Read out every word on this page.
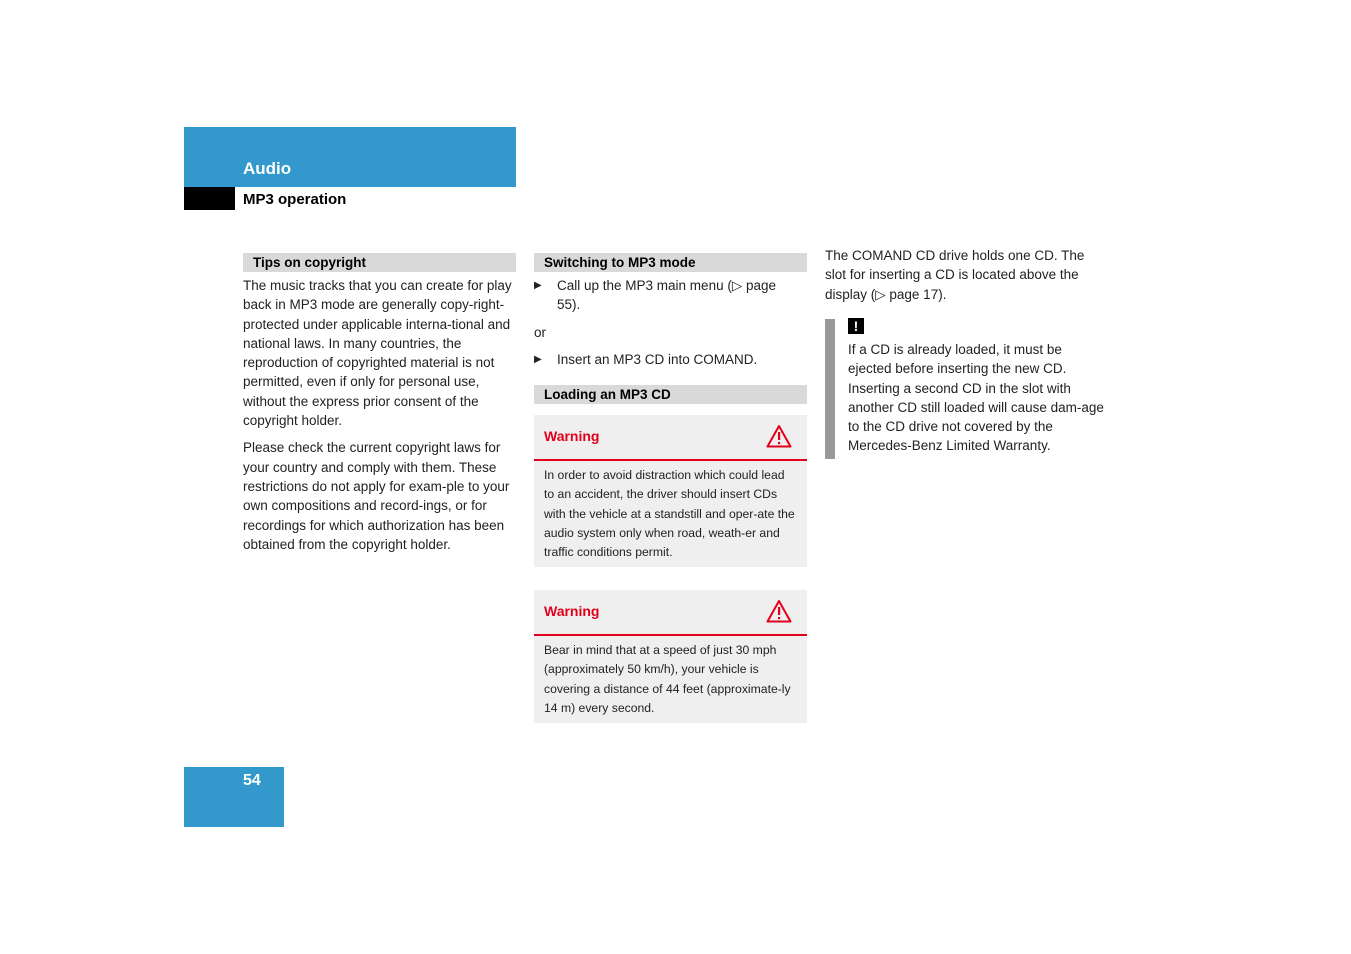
Audio
MP3 operation
Tips on copyright

The music tracks that you can create for play back in MP3 mode are generally copy-right-protected under applicable interna-tional and national laws. In many countries, the reproduction of copyrighted material is not permitted, even if only for personal use, without the express prior consent of the copyright holder.

Please check the current copyright laws for your country and comply with them. These restrictions do not apply for exam-ple to your own compositions and record-ings, or for recordings for which authorization has been obtained from the copyright holder.

Switching to MP3 mode
▶ Call up the MP3 main menu (▷ page 55).
or
▶ Insert an MP3 CD into COMAND.
Loading an MP3 CD
Warning
In order to avoid distraction which could lead to an accident, the driver should insert CDs with the vehicle at a standstill and oper-ate the audio system only when road, weath-er and traffic conditions permit.
Warning
Bear in mind that at a speed of just 30 mph (approximately 50 km/h), your vehicle is covering a distance of 44 feet (approximate-ly 14 m) every second.
The COMAND CD drive holds one CD. The slot for inserting a CD is located above the display (▷ page 17).
!
If a CD is already loaded, it must be ejected before inserting the new CD. Inserting a second CD in the slot with another CD still loaded will cause dam-age to the CD drive not covered by the Mercedes-Benz Limited Warranty.
54
